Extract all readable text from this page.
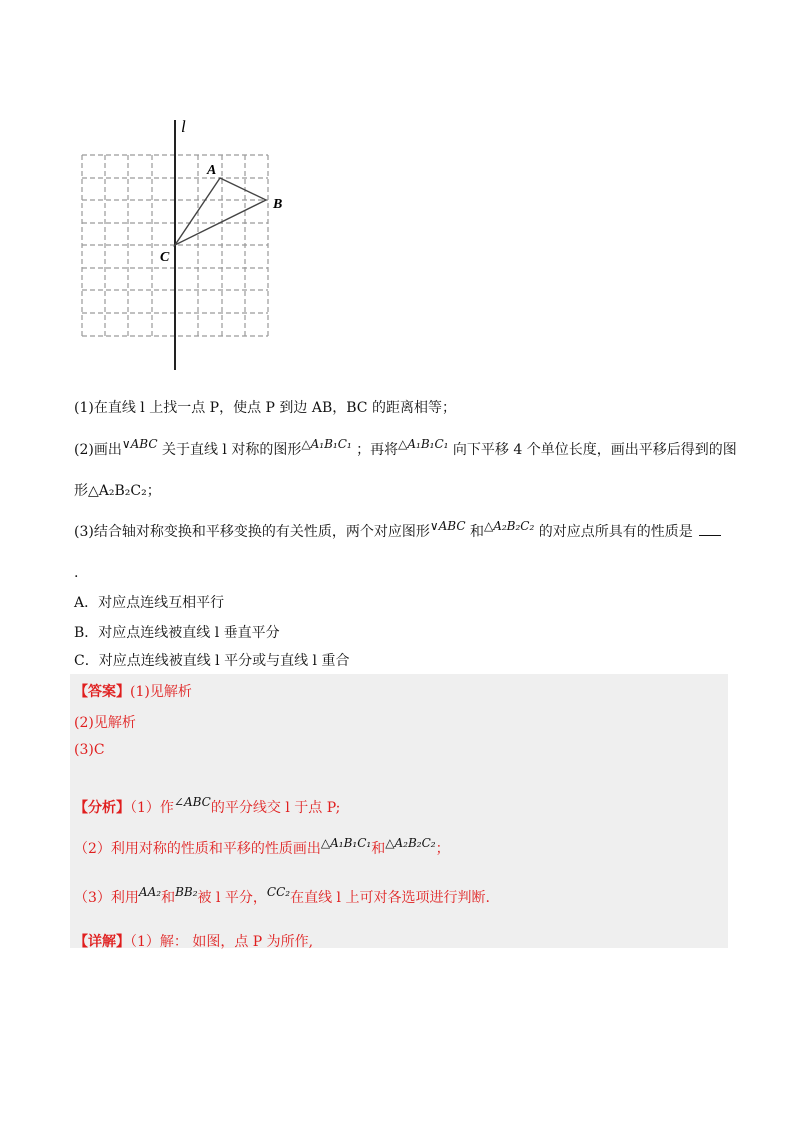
l
A
B
C
(1)在直线 l 上找一点 P，使点 P 到边 AB，BC 的距离相等；
(2)画出∨ABC 关于直线 l 对称的图形△A₁B₁C₁ ；再将△A₁B₁C₁ 向下平移 4 个单位长度，画出平移后得到的图
形△A₂B₂C₂；
(3)结合轴对称变换和平移变换的有关性质，两个对应图形∨ABC 和△A₂B₂C₂ 的对应点所具有的性质是
.
A．对应点连线互相平行
B．对应点连线被直线 l 垂直平分
C．对应点连线被直线 l 平分或与直线 l 重合
【答案】(1)见解析
(2)见解析
(3)C
【分析】（1）作∠ABC的平分线交 l 于点 P;
（2）利用对称的性质和平移的性质画出△A₁B₁C₁和△A₂B₂C₂；
（3）利用AA₂和BB₂被 l 平分，CC₂在直线 l 上可对各选项进行判断.
【详解】（1）解： 如图，点 P 为所作,
